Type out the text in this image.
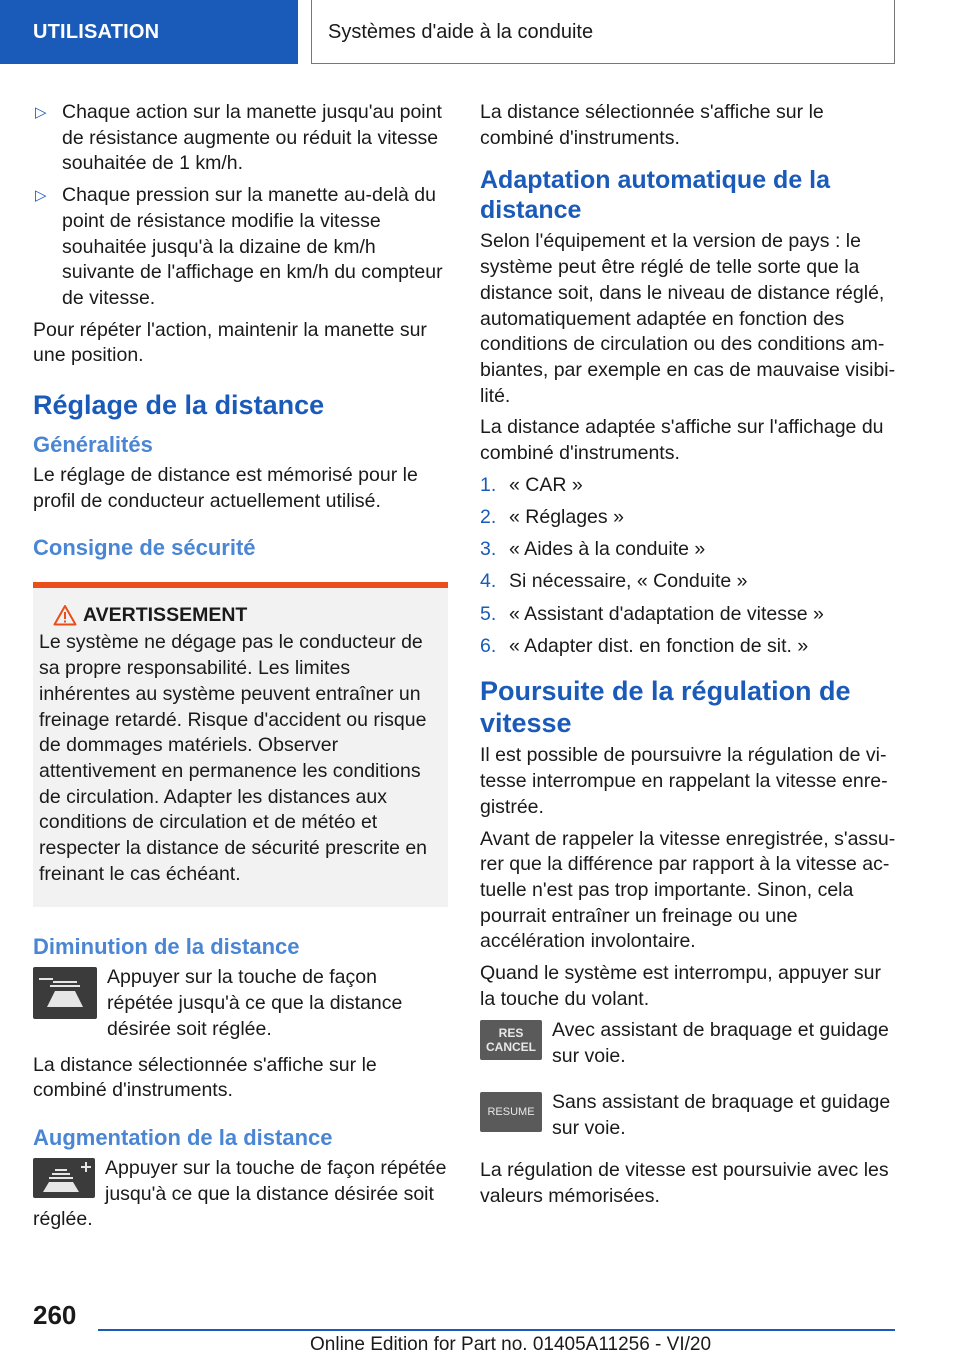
UTILISATION	Systèmes d'aide à la conduite
▷ Chaque action sur la manette jusqu'au point de résistance augmente ou réduit la vitesse souhaitée de 1 km/h.
▷ Chaque pression sur la manette au-delà du point de résistance modifie la vitesse souhaitée jusqu'à la dizaine de km/h suivante de l'affichage en km/h du compteur de vitesse.

Pour répéter l'action, maintenir la manette sur une position.

Réglage de la distance
Généralités

Le réglage de distance est mémorisé pour le profil de conducteur actuellement utilisé.

Consigne de sécurité
AVERTISSEMENT

Le système ne dégage pas le conducteur de sa propre responsabilité. Les limites inhérentes au système peuvent entraîner un freinage retardé. Risque d'accident ou risque de dommages matériels. Observer attentivement en permanence les conditions de circulation. Adapter les distances aux conditions de circulation et de météo et respecter la distance de sécurité prescrite en freinant le cas échéant.

Diminution de la distance
Appuyer sur la touche de façon répétée jusqu'à ce que la distance désirée soit réglée.

La distance sélectionnée s'affiche sur le combiné d'instruments.

Augmentation de la distance
Appuyer sur la touche de façon répétée jusqu'à ce que la distance désirée soit réglée.

La distance sélectionnée s'affiche sur le combiné d'instruments.

Adaptation automatique de la distance

Selon l'équipement et la version de pays : le système peut être réglé de telle sorte que la distance soit, dans le niveau de distance réglé, automatiquement adaptée en fonction des conditions de circulation ou des conditions ambiantes, par exemple en cas de mauvaise visibilité.

La distance adaptée s'affiche sur l'affichage du combiné d'instruments.

1. « CAR »
2. « Réglages »
3. « Aides à la conduite »
4. Si nécessaire, « Conduite »
5. « Assistant d'adaptation de vitesse »
6. « Adapter dist. en fonction de sit. »
Poursuite de la régulation de vitesse

Il est possible de poursuivre la régulation de vitesse interrompue en rappelant la vitesse enregistrée.

Avant de rappeler la vitesse enregistrée, s'assurer que la différence par rapport à la vitesse actuelle n'est pas trop importante. Sinon, cela pourrait entraîner un freinage ou une accélération involontaire.

Quand le système est interrompu, appuyer sur la touche du volant.

RES CANCEL
Avec assistant de braquage et guidage sur voie.
RESUME Sans assistant de braquage et guidage sur voie.

La régulation de vitesse est poursuivie avec les valeurs mémorisées.

260
Online Edition for Part no. 01405A11256 - VI/20
